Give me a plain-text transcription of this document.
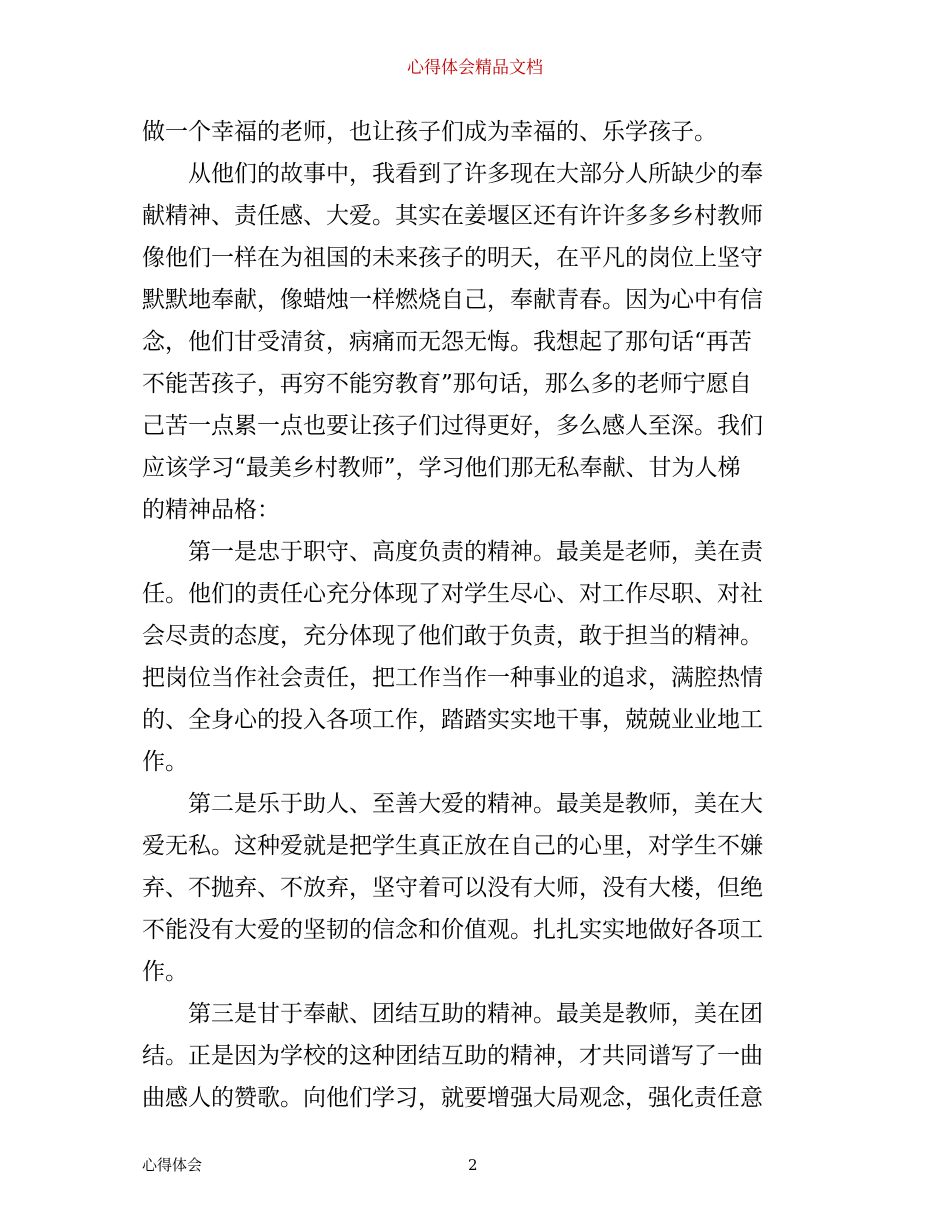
心得体会精品文档
做一个幸福的老师，也让孩子们成为幸福的、乐学孩子。
从他们的故事中，我看到了许多现在大部分人所缺少的奉
献精神、责任感、大爱。其实在姜堰区还有许许多多乡村教师
像他们一样在为祖国的未来孩子的明天，在平凡的岗位上坚守
默默地奉献，像蜡烛一样燃烧自己，奉献青春。因为心中有信
念，他们甘受清贫，病痛而无怨无悔。我想起了那句话“再苦
不能苦孩子，再穷不能穷教育”那句话，那么多的老师宁愿自
己苦一点累一点也要让孩子们过得更好，多么感人至深。我们
应该学习“最美乡村教师”，学习他们那无私奉献、甘为人梯
的精神品格：
第一是忠于职守、高度负责的精神。最美是老师，美在责
任。他们的责任心充分体现了对学生尽心、对工作尽职、对社
会尽责的态度，充分体现了他们敢于负责，敢于担当的精神。
把岗位当作社会责任，把工作当作一种事业的追求，满腔热情
的、全身心的投入各项工作，踏踏实实地干事，兢兢业业地工
作。
第二是乐于助人、至善大爱的精神。最美是教师，美在大
爱无私。这种爱就是把学生真正放在自己的心里，对学生不嫌
弃、不抛弃、不放弃，坚守着可以没有大师，没有大楼，但绝
不能没有大爱的坚韧的信念和价值观。扎扎实实地做好各项工
作。
第三是甘于奉献、团结互助的精神。最美是教师，美在团
结。正是因为学校的这种团结互助的精神，才共同谱写了一曲
曲感人的赞歌。向他们学习，就要增强大局观念，强化责任意
心得体会	2
